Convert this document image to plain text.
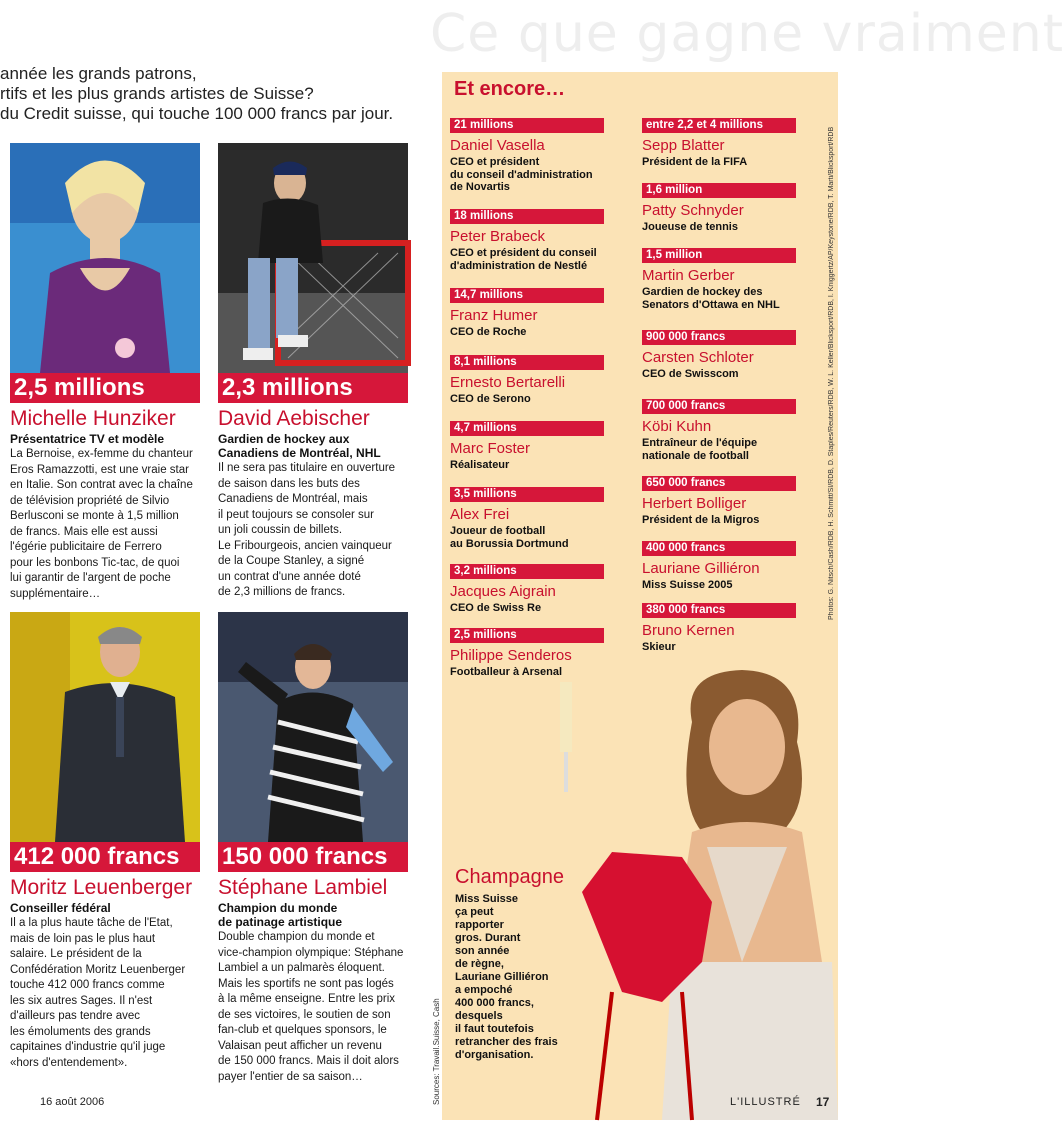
Ce que gagne vraiment
année les grands patrons,
rtifs et les plus grands artistes de Suisse?
du Credit suisse, qui touche 100 000 francs par jour.
2,5 millions
Michelle Hunziker
Présentatrice TV et modèle
La Bernoise, ex-femme du chanteur
Eros Ramazzotti, est une vraie star
en Italie. Son contrat avec la chaîne
de télévision propriété de Silvio
Berlusconi se monte à 1,5 million
de francs. Mais elle est aussi
l'égérie publicitaire de Ferrero
pour les bonbons Tic-tac, de quoi
lui garantir de l'argent de poche
supplémentaire…
2,3 millions
David Aebischer
Gardien de hockey aux
Canadiens de Montréal, NHL
Il ne sera pas titulaire en ouverture
de saison dans les buts des
Canadiens de Montréal, mais
il peut toujours se consoler sur
un joli coussin de billets.
Le Fribourgeois, ancien vainqueur
de la Coupe Stanley, a signé
un contrat d'une année doté
de 2,3 millions de francs.
412 000 francs
Moritz Leuenberger
Conseiller fédéral
Il a la plus haute tâche de l'Etat,
mais de loin pas le plus haut
salaire. Le président de la
Confédération Moritz Leuenberger
touche 412 000 francs comme
les six autres Sages. Il n'est
d'ailleurs pas tendre avec
les émoluments des grands
capitaines d'industrie qu'il juge
«hors d'entendement».
150 000 francs
Stéphane Lambiel
Champion du monde
de patinage artistique
Double champion du monde et
vice-champion olympique: Stéphane
Lambiel a un palmarès éloquent.
Mais les sportifs ne sont pas logés
à la même enseigne. Entre les prix
de ses victoires, le soutien de son
fan-club et quelques sponsors, le
Valaisan peut afficher un revenu
de 150 000 francs. Mais il doit alors
payer l'entier de sa saison…
Et encore…
21 millions
Daniel Vasella
CEO et président
du conseil d'administration
de Novartis
18 millions
Peter Brabeck
CEO et président du conseil
d'administration de Nestlé
14,7 millions
Franz Humer
CEO de Roche
8,1 millions
Ernesto Bertarelli
CEO de Serono
4,7 millions
Marc Foster
Réalisateur
3,5 millions
Alex Frei
Joueur de football
au Borussia Dortmund
3,2 millions
Jacques Aigrain
CEO de Swiss Re
2,5 millions
Philippe Senderos
Footballeur à Arsenal
entre 2,2 et 4 millions
Sepp Blatter
Président de la FIFA
1,6 million
Patty Schnyder
Joueuse de tennis
1,5 million
Martin Gerber
Gardien de hockey des
Senators d'Ottawa en NHL
900 000 francs
Carsten Schloter
CEO de Swisscom
700 000 francs
Köbi Kuhn
Entraîneur de l'équipe
nationale de football
650 000 francs
Herbert Bolliger
Président de la Migros
400 000 francs
Lauriane Gilliéron
Miss Suisse 2005
380 000 francs
Bruno Kernen
Skieur
Champagne
Miss Suisse
ça peut
rapporter
gros. Durant
son année
de règne,
Lauriane Gilliéron
a empoché
400 000 francs,
desquels
il faut toutefois
retrancher des frais
d'organisation.
Photos: G. Nitsch/Cash/RDB, H. Schmitt/SI/RDB, D. Staples/Reuters/RDB, W. L. Keller/Blicksport/RDB, I. Kniggertz/AP/Keystone/RDB, T. Marti/Blicksport/RDB
Sources: Travail.Suisse, Cash
16 août 2006	L'ILLUSTRÉ 17
